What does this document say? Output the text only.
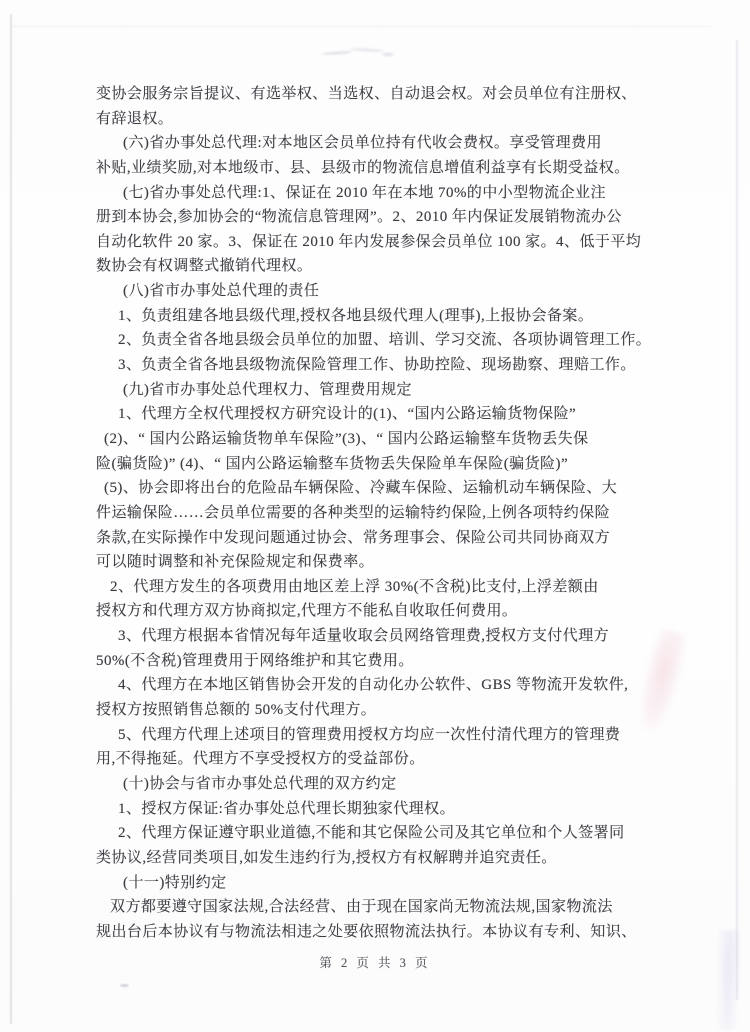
变协会服务宗旨提议、有选举权、当选权、自动退会权。对会员单位有注册权、
有辞退权。
(六)省办事处总代理:对本地区会员单位持有代收会费权。享受管理费用
补贴,业绩奖励,对本地级市、县、县级市的物流信息增值利益享有长期受益权。
(七)省办事处总代理:1、保证在 2010 年在本地 70%的中小型物流企业注
册到本协会,参加协会的“物流信息管理网”。2、2010 年内保证发展销物流办公
自动化软件 20 家。3、保证在 2010 年内发展参保会员单位 100 家。4、低于平均
数协会有权调整式撤销代理权。
(八)省市办事处总代理的责任
1、负责组建各地县级代理,授权各地县级代理人(理事),上报协会备案。
2、负责全省各地县级会员单位的加盟、培训、学习交流、各项协调管理工作。
3、负责全省各地县级物流保险管理工作、协助控险、现场勘察、理赔工作。
(九)省市办事处总代理权力、管理费用规定
1、代理方全权代理授权方研究设计的(1)、“国内公路运输货物保险”
(2)、“ 国内公路运输货物单车保险”(3)、“ 国内公路运输整车货物丢失保
险(骗货险)” (4)、“ 国内公路运输整车货物丢失保险单车保险(骗货险)”
(5)、协会即将出台的危险品车辆保险、冷藏车保险、运输机动车辆保险、大
件运输保险……会员单位需要的各种类型的运输特约保险,上例各项特约保险
条款,在实际操作中发现问题通过协会、常务理事会、保险公司共同协商双方
可以随时调整和补充保险规定和保费率。
2、代理方发生的各项费用由地区差上浮 30%(不含税)比支付,上浮差额由
授权方和代理方双方协商拟定,代理方不能私自收取任何费用。
3、代理方根据本省情况每年适量收取会员网络管理费,授权方支付代理方
50%(不含税)管理费用于网络维护和其它费用。
4、代理方在本地区销售协会开发的自动化办公软件、GBS 等物流开发软件,
授权方按照销售总额的 50%支付代理方。
5、代理方代理上述项目的管理费用授权方均应一次性付清代理方的管理费
用,不得拖延。代理方不享受授权方的受益部份。
(十)协会与省市办事处总代理的双方约定
1、授权方保证:省办事处总代理长期独家代理权。
2、代理方保证遵守职业道德,不能和其它保险公司及其它单位和个人签署同
类协议,经营同类项目,如发生违约行为,授权方有权解聘并追究责任。
(十一)特别约定
双方都要遵守国家法规,合法经营、由于现在国家尚无物流法规,国家物流法
规出台后本协议有与物流法相违之处要依照物流法执行。本协议有专利、知识、
第 2 页 共 3 页
